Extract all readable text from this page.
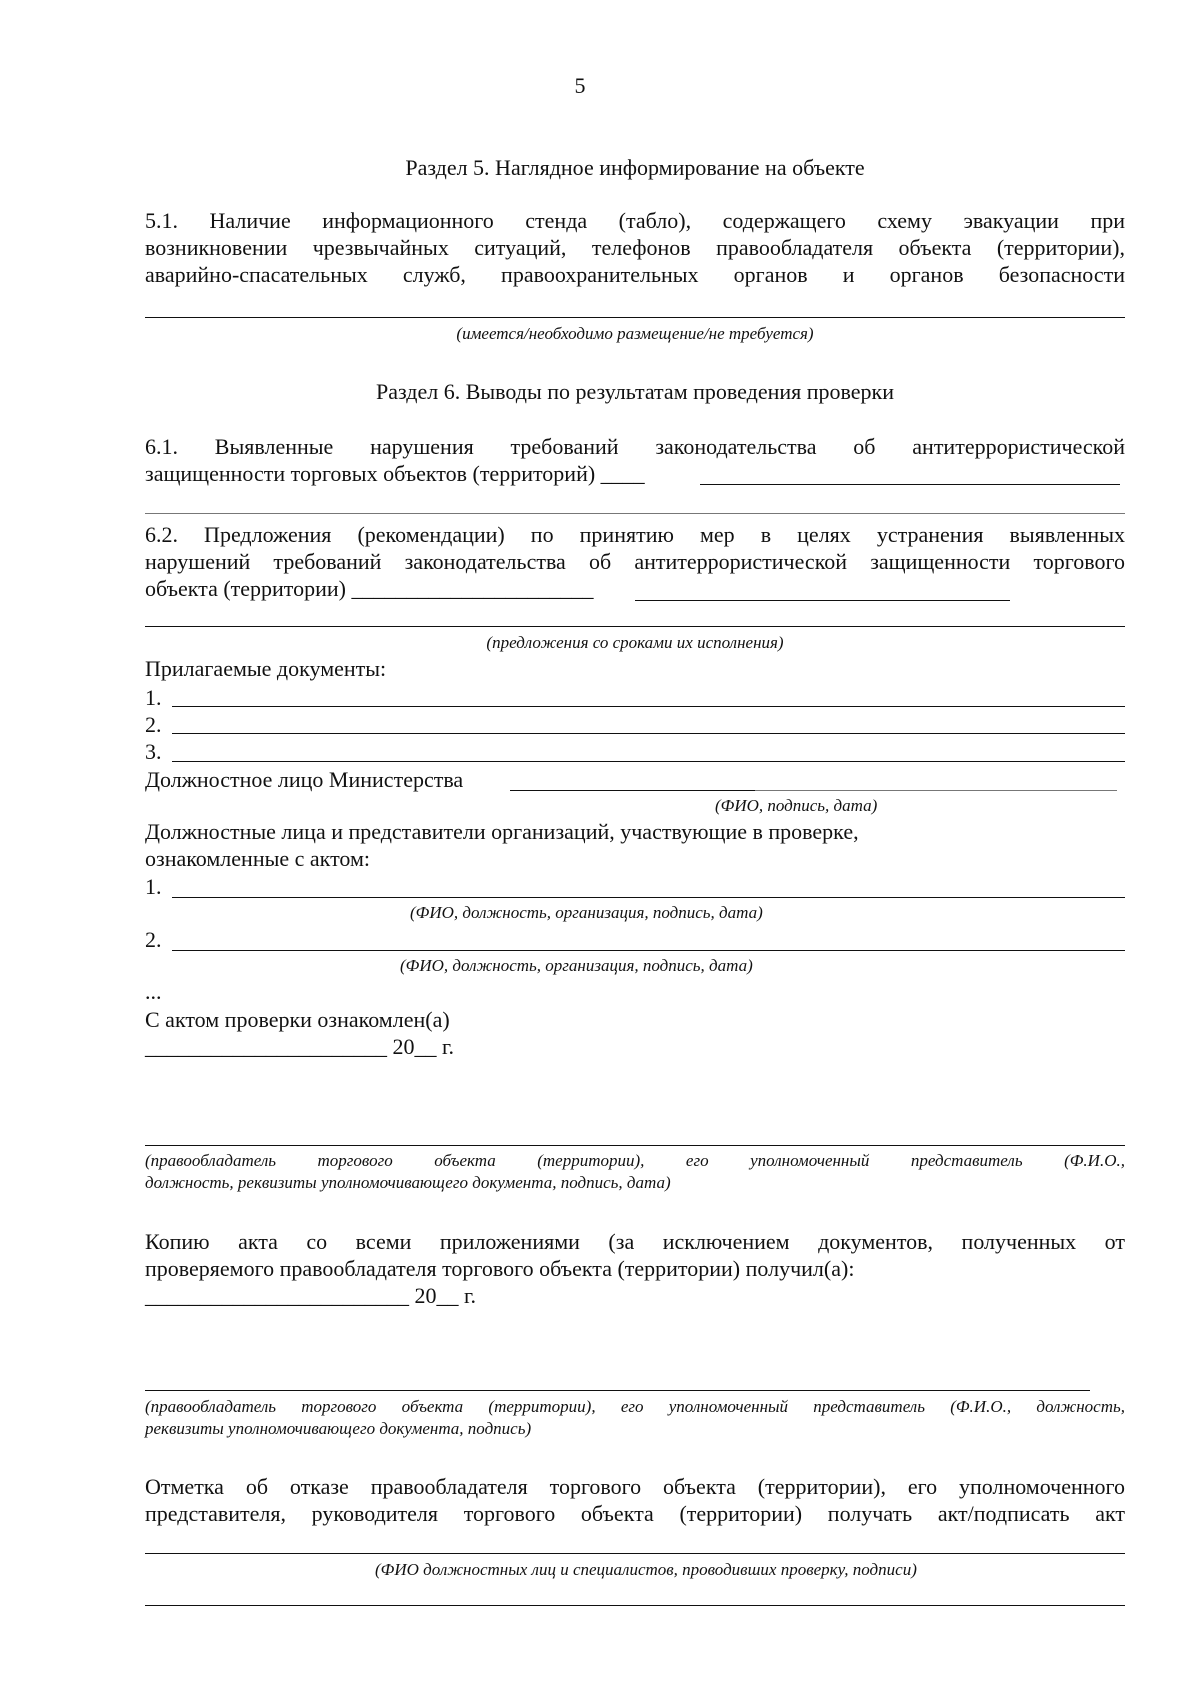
5
Раздел 5. Наглядное информирование на объекте
5.1. Наличие информационного стенда (табло), содержащего схему эвакуации при
возникновении чрезвычайных ситуаций, телефонов правообладателя объекта (территории),
аварийно-спасательных служб, правоохранительных органов и органов безопасности
(имеется/необходимо размещение/не требуется)
Раздел 6. Выводы по результатам проведения проверки
6.1. Выявленные нарушения требований законодательства об антитеррористической
защищенности торговых объектов (территорий) ____
6.2. Предложения (рекомендации) по принятию мер в целях устранения выявленных
нарушений требований законодательства об антитеррористической защищенности торгового
объекта (территории) ______________________
(предложения со сроками их исполнения)
Прилагаемые документы:
1.
2.
3.
Должностное лицо Министерства
(ФИО, подпись, дата)
Должностные лица и представители организаций, участвующие в проверке,
ознакомленные с актом:
1.
(ФИО, должность, организация, подпись, дата)
2.
(ФИО, должность, организация, подпись, дата)
...
С актом проверки ознакомлен(а)
______________________ 20__ г.
(правообладатель торгового объекта (территории), его уполномоченный представитель (Ф.И.О.,
должность, реквизиты уполномочивающего документа, подпись, дата)
Копию акта со всеми приложениями (за исключением документов, полученных от
проверяемого правообладателя торгового объекта (территории) получил(а):
________________________ 20__ г.
(правообладатель торгового объекта (территории), его уполномоченный представитель (Ф.И.О., должность,
реквизиты уполномочивающего документа, подпись)
Отметка об отказе правообладателя торгового объекта (территории), его уполномоченного
представителя, руководителя торгового объекта (территории) получать акт/подписать акт
(ФИО должностных лиц и специалистов, проводивших проверку, подписи)
